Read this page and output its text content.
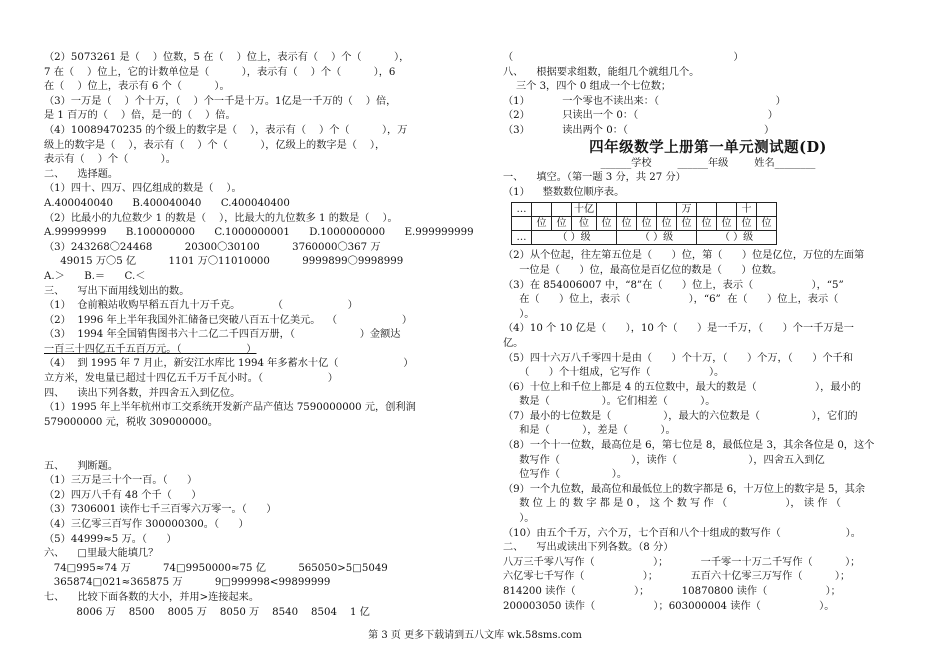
（2）5073261 是（    ）位数，5 在（    ）位上，表示有（    ）个（          ），
7 在（    ）位上，它的计数单位是（          ），表示有（    ）个（          ），6
在（    ）位上，表示有 6 个（          ）。
（3）一万是（    ）个十万，（    ）个一千是十万。1亿是一千万的（    ）倍，
是 1 百万的（    ）倍，是一的（    ）倍。
（4）10089470235 的个级上的数字是（    ），表示有（    ）个（          ），万
级上的数字是（    ），表示有（    ）个（          ），亿级上的数字是（    ），
表示有（    ）个（          ）。
二、    选择题。
（1）四十、四万、四亿组成的数是（    ）。
A.400040040      B.400040040      C.400040400
（2）比最小的九位数少 1 的数是（    ），比最大的九位数多 1 的数是（    ）。
A.99999999      B.100000000      C.1000000001      D.1000000000      E.999999999
（3）243268〇24468          20300〇30100          3760000〇367 万
49015 万〇5 亿          1101 万〇11010000          9999899〇9998999
A.＞      B.＝      C.＜
三、    写出下面用线划出的数。
（1）  仓前粮站收购早稻五百九十万千克。          （                    ）
（2）  1996 年上半年我国外汇储备已突破八百五十亿美元。  （                    ）
（3）  1994 年全国销售图书六十二亿二千四百万册，（                    ）金额达
一百三十四亿五千五百万元。（                    ）
（4）  到 1995 年 7 月止，新安江水库比 1994 年多蓄水十亿（                    ）
立方米，发电量已超过十四亿五千万千瓦小时。（                    ）
四、    读出下列各数，并四舍五入到亿位。
（1）1995 年上半年杭州市工交系统开发新产品产值达 7590000000 元，创利润
579000000 元，税收 309000000。
五、    判断题。
（1）三万是三十个一百。（      ）
（2）四万八千有 48 个千（      ）
（3）7306001 读作七千三百零六万零一。（      ）
（4）三亿零三百写作 300000300。（      ）
（5）44999≈5 万。（      ）
六、    □里最大能填几？
74□995≈74 万          74□9950000≈75 亿          565050>5□5049
365874□021≈365875 万          9□999998<99899999
七、    比较下面各数的大小，并用>连接起来。
8006 万    8500    8005 万    8050 万    8540    8504    1 亿
（                                                                    ）
八、    根据要求组数，能组几个就组几个。
三个 3，四个 0 组成一个七位数；
（1）          一个零也不读出来：（                                    ）
（2）          只读出一个 0：（                                        ）
（3）          读出两个 0：（                                          ）
四年级数学上册第一单元测试题(D)
______学校        ______年级        姓名________
一、    填空。（第一题 3 分，共 27 分）
（1）    整数数位顺序表。
…			十亿					万			十	
	位	位	位	位	位	位	位	位	位	位	位	位
…	（ ）级				（ ）级				（ ）级			
（2）从个位起，往左第五位是（      ）位，第（      ）位是亿位，万位的左面第
一位是（      ）位，最高位是百亿位的数是（      ）位数。
（3）在 854006007 中，“8”在（      ）位上，表示（                  ），“5”
在（      ）位上，表示（                  ），“6”  在（      ）位上，表示（
）。
（4）10 个 10 亿是（      ），10 个（      ）是一千万，（      ）个一千万是一
亿。
（5）四十六万八千零四十是由（      ）个十万，（      ）个万，（      ）个千和
（      ）个十组成，它写作（                  ）。
（6）十位上和千位上都是 4 的五位数中，最大的数是（                  ），最小的
数是（                ）。它们相差（          ）。
（7）最小的七位数是（                ），最大的六位数是（                ），它们的
和是（          ），差是（          ）。
（8）一个十一位数，最高位是 6，第七位是 8，最低位是 3，其余各位是 0，这个
数写作（                      ），读作（                      ），四舍五入到亿
位写作（                ）。
（9）一个九位数，最高位和最低位上的数字都是 6，十万位上的数字是 5，其余
数 位 上 的 数 字 都 是 0 ， 这 个 数 写 作 （                  ）， 读 作 （
）。
（10）由五个千万，六个万，七个百和八个十组成的数写作（                    ）。
二、    写出或读出下列各数。（8 分）
八万三千零八写作（                  ）；          一千零一十万二千写作（          ）；
六亿零七千写作（                  ）；          五百六十亿零三万写作（          ）；
814200 读作（                  ）；          10870800 读作（                  ）；
200003050 读作（                  ）；603000004 读作（                  ）。
第 3 页 更多下载请到五八文库 wk.58sms.com
